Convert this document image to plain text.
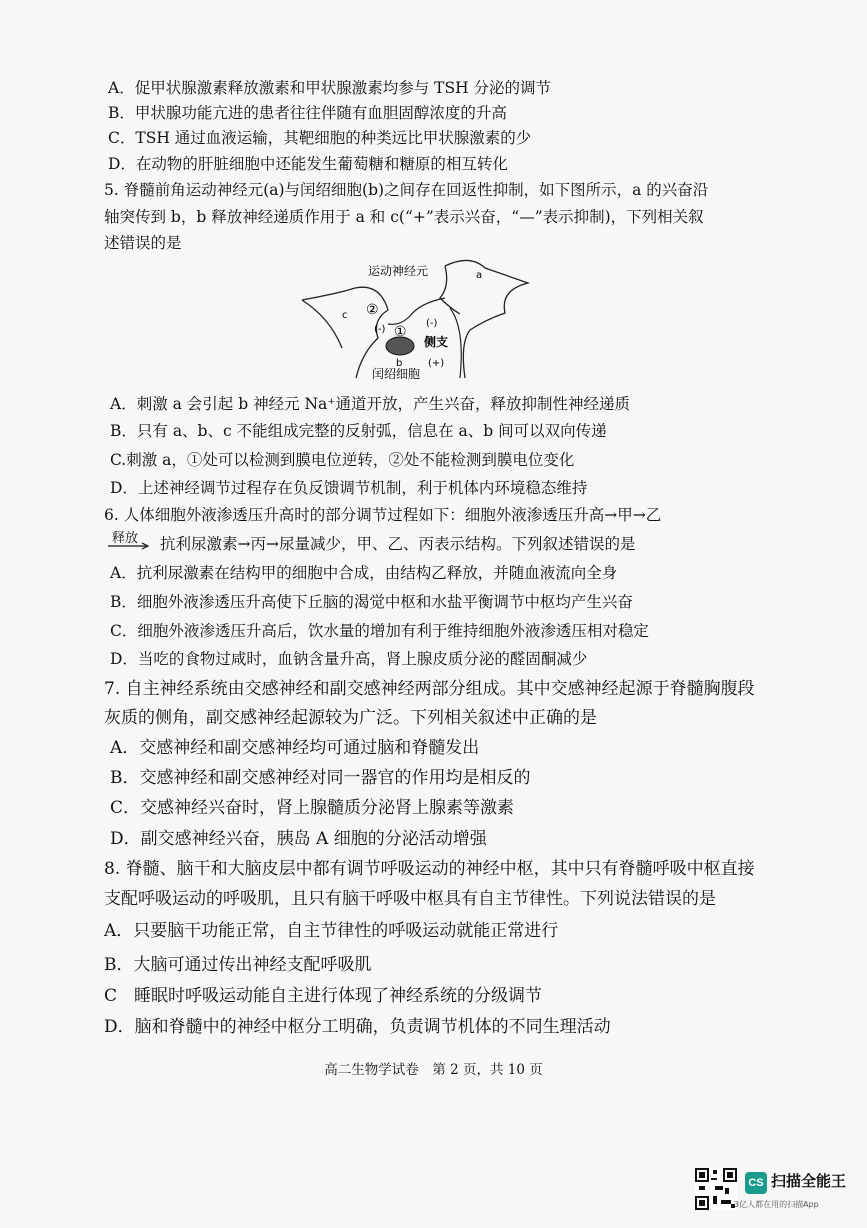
A．促甲状腺激素释放激素和甲状腺激素均参与 TSH 分泌的调节
B．甲状腺功能亢进的患者往往伴随有血胆固醇浓度的升高
C．TSH 通过血液运输，其靶细胞的种类远比甲状腺激素的少
D．在动物的肝脏细胞中还能发生葡萄糖和糖原的相互转化
5. 脊髓前角运动神经元(a)与闰绍细胞(b)之间存在回返性抑制，如下图所示，a 的兴奋沿
轴突传到 b，b 释放神经递质作用于 a 和 c(“+”表示兴奋，“—”表示抑制)，下列相关叙
述错误的是
运动神经元	a
c
①
②
(-)
(-)
(+)
侧支
b
闰绍细胞
A．刺激 a 会引起 b 神经元 Na⁺通道开放，产生兴奋，释放抑制性神经递质
B．只有 a、b、c 不能组成完整的反射弧，信息在 a、b 间可以双向传递
C.刺激 a，①处可以检测到膜电位逆转，②处不能检测到膜电位变化
D．上述神经调节过程存在负反馈调节机制，利于机体内环境稳态维持
6. 人体细胞外液渗透压升高时的部分调节过程如下：细胞外液渗透压升高→甲→乙
释放 抗利尿激素→丙→尿量减少，甲、乙、丙表示结构。下列叙述错误的是
A．抗利尿激素在结构甲的细胞中合成，由结构乙释放，并随血液流向全身
B．细胞外液渗透压升高使下丘脑的渴觉中枢和水盐平衡调节中枢均产生兴奋
C．细胞外液渗透压升高后，饮水量的增加有利于维持细胞外液渗透压相对稳定
D．当吃的食物过咸时，血钠含量升高，肾上腺皮质分泌的醛固酮减少
7. 自主神经系统由交感神经和副交感神经两部分组成。其中交感神经起源于脊髓胸腹段
灰质的侧角，副交感神经起源较为广泛。下列相关叙述中正确的是
A．交感神经和副交感神经均可通过脑和脊髓发出
B．交感神经和副交感神经对同一器官的作用均是相反的
C．交感神经兴奋时，肾上腺髓质分泌肾上腺素等激素
D．副交感神经兴奋，胰岛 A 细胞的分泌活动增强
8. 脊髓、脑干和大脑皮层中都有调节呼吸运动的神经中枢，其中只有脊髓呼吸中枢直接
支配呼吸运动的呼吸肌，且只有脑干呼吸中枢具有自主节律性。下列说法错误的是
A．只要脑干功能正常，自主节律性的呼吸运动就能正常进行
B．大脑可通过传出神经支配呼吸肌
C　睡眠时呼吸运动能自主进行体现了神经系统的分级调节
D．脑和脊髓中的神经中枢分工明确，负责调节机体的不同生理活动
高二生物学试卷　第 2 页，共 10 页
CS 扫描全能王
3亿人都在用的扫描App
